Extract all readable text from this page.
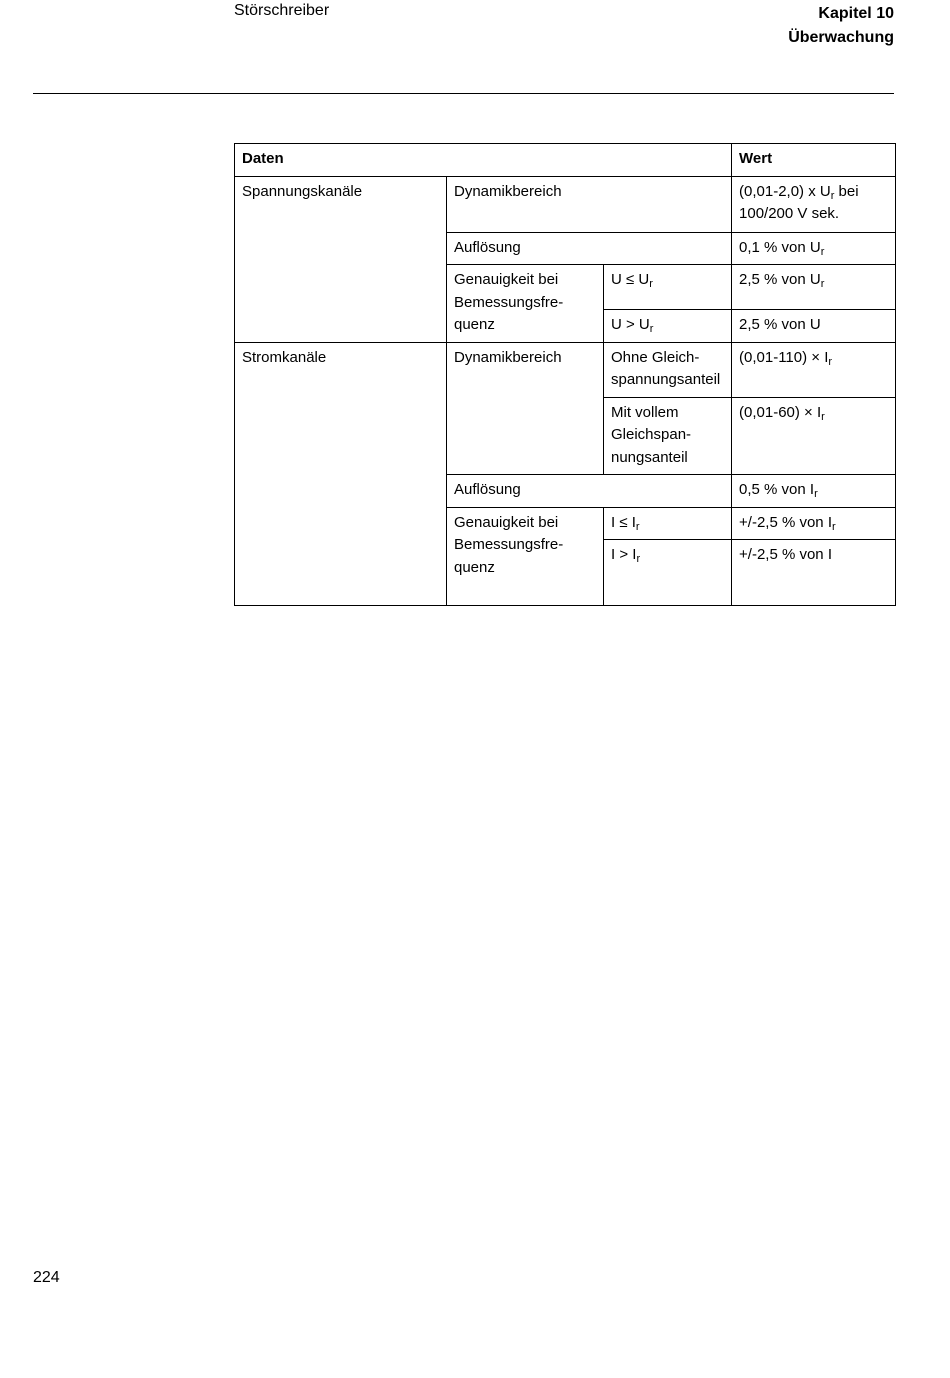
Störschreiber	Kapitel 10
Überwachung
Daten			Wert
Spannungskanäle	Dynamikbereich		(0,01-2,0) x $U_r$ bei 100/200 V sek.
	Auflösung		0,1 % von $U_r$
	Genauigkeit bei Bemessungsfre-quenz	$U \le U_r$	2,5 % von $U_r$
		$U > U_r$	2,5 % von U
Stromkanäle	Dynamikbereich	Ohne Gleich-spannungsanteil	$(0,01-110) \times I_r$
		Mit vollem Gleichspan-nungsanteil	$(0,01-60) \times I_r$
	Auflösung		0,5 % von $I_r$
	Genauigkeit bei Bemessungsfre-quenz	$I \le I_r$	+/-2,5 % von $I_r$
		$I > I_r$	+/-2,5 % von I

224
